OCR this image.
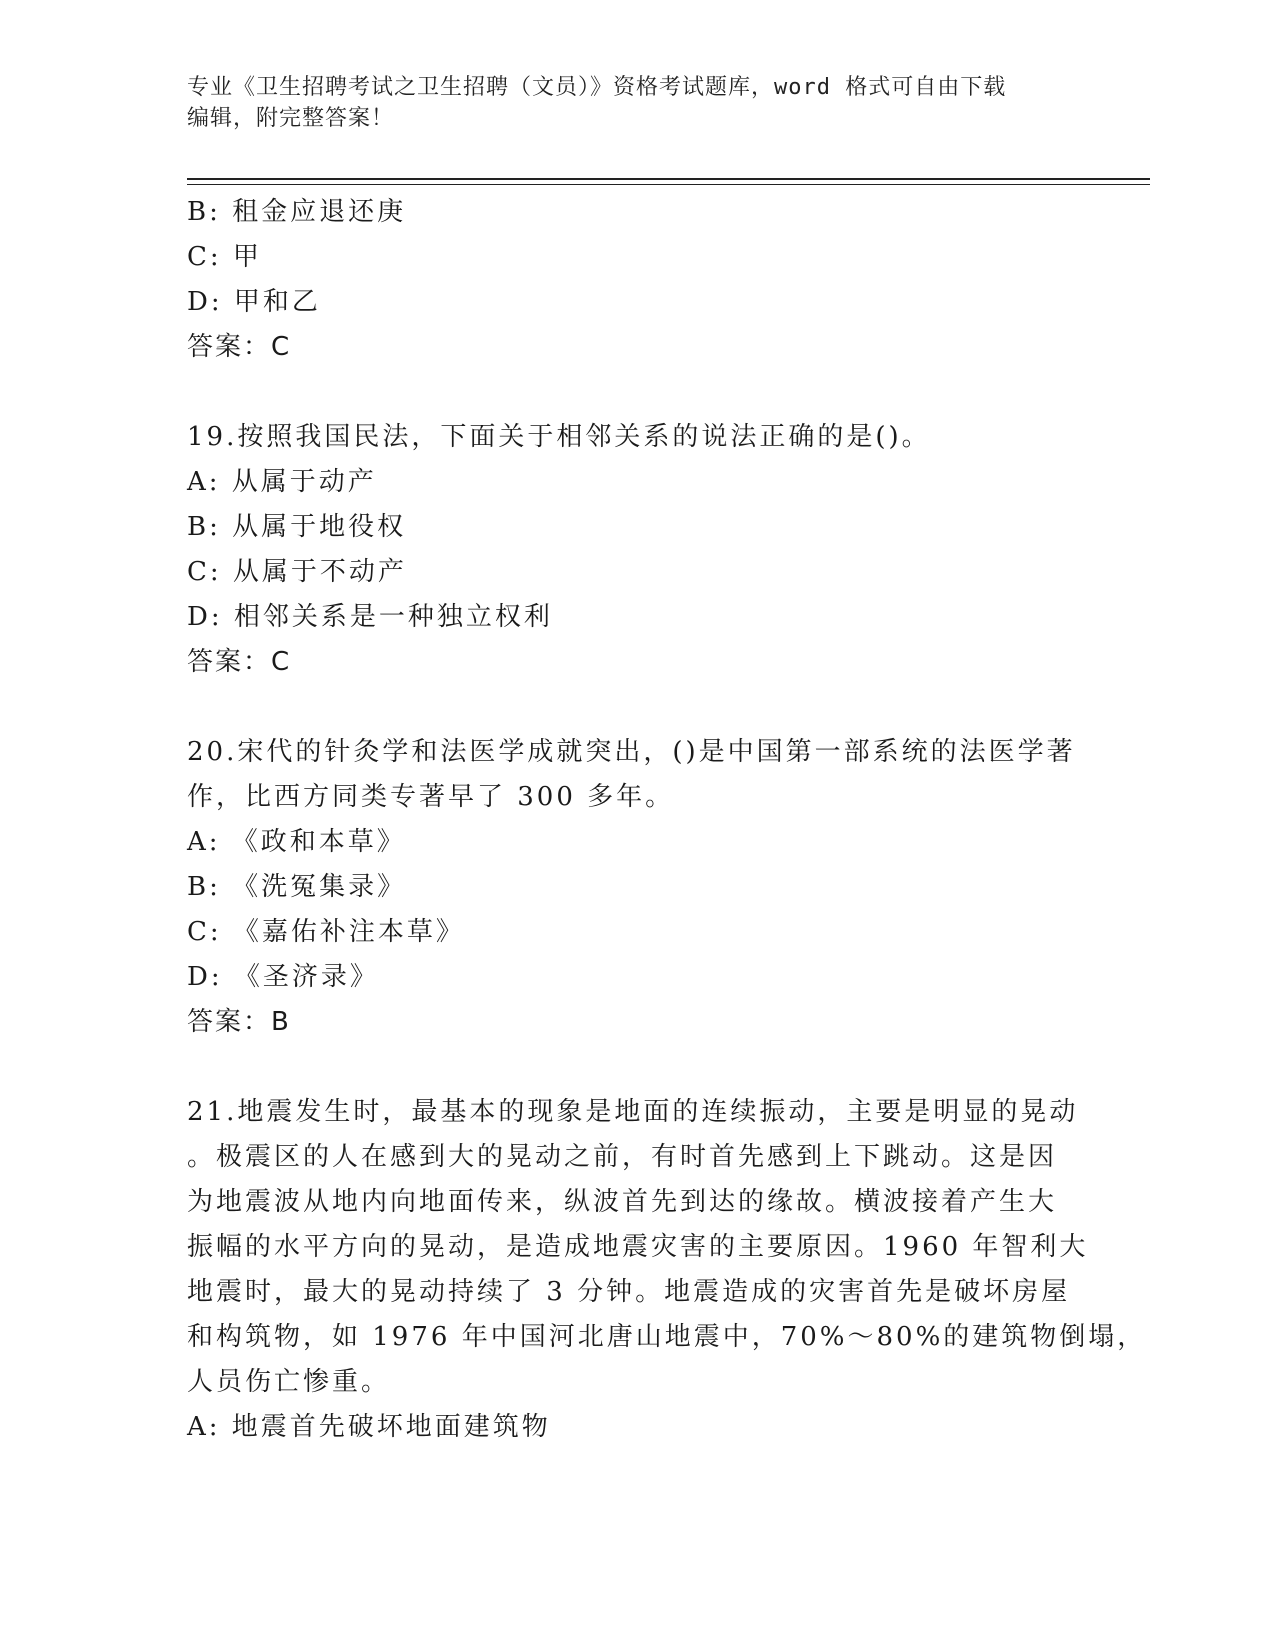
专业《卫生招聘考试之卫生招聘（文员）》资格考试题库，word 格式可自由下载
编辑，附完整答案！
B: 租金应退还庚
C: 甲
D: 甲和乙
答案：C
19.按照我国民法，下面关于相邻关系的说法正确的是()。
A: 从属于动产
B: 从属于地役权
C: 从属于不动产
D: 相邻关系是一种独立权利
答案：C
20.宋代的针灸学和法医学成就突出，()是中国第一部系统的法医学著
作，比西方同类专著早了 300 多年。
A: 《政和本草》
B: 《洗冤集录》
C: 《嘉佑补注本草》
D: 《圣济录》
答案：B
21.地震发生时，最基本的现象是地面的连续振动，主要是明显的晃动
。极震区的人在感到大的晃动之前，有时首先感到上下跳动。这是因
为地震波从地内向地面传来，纵波首先到达的缘故。横波接着产生大
振幅的水平方向的晃动，是造成地震灾害的主要原因。1960 年智利大
地震时，最大的晃动持续了 3 分钟。地震造成的灾害首先是破坏房屋
和构筑物，如 1976 年中国河北唐山地震中，70%～80%的建筑物倒塌，
人员伤亡惨重。
A: 地震首先破坏地面建筑物
